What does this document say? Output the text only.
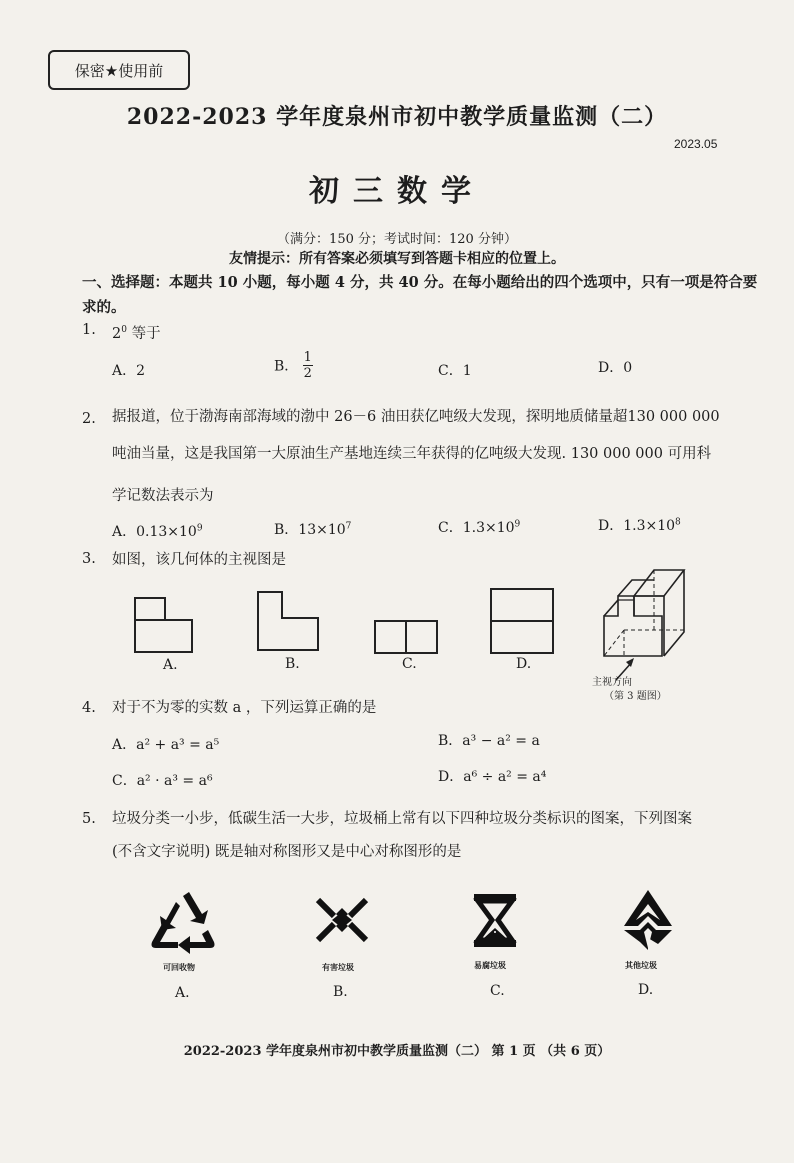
保密★使用前
2022-2023 学年度泉州市初中教学质量监测（二）
2023.05
初三数学
（满分：150 分；考试时间：120 分钟）
友情提示：所有答案必须填写到答题卡相应的位置上。
一、选择题：本题共 10 小题，每小题 4 分，共 40 分。在每小题给出的四个选项中，只有一项是符合要求的。
1. $2^0$ 等于
A．2	B． $\frac{1}{2}$	C．1	D．0
2. 据报道，位于渤海南部海域的渤中 26－6 油田获亿吨级大发现，探明地质储量超130 000 000
吨油当量，这是我国第一大原油生产基地连续三年获得的亿吨级大发现. 130 000 000 可用科
学记数法表示为
A．$0.13\times 10^9$	B．$13\times 10^7$	C．$1.3\times 10^9$	D．$1.3\times 10^8$
3. 如图，该几何体的主视图是
A.	B.	C.	D.
主视方向
（第 3 题图）
4. 对于不为零的实数 a ，下列运算正确的是
A．a² + a³ = a⁵	B．a³ − a² = a
C．a² · a³ = a⁶	D．a⁶ ÷ a² = a⁴
5. 垃圾分类一小步，低碳生活一大步，垃圾桶上常有以下四种垃圾分类标识的图案，下列图案
(不含文字说明) 既是轴对称图形又是中心对称图形的是
可回收物
A.
有害垃圾
B.
易腐垃圾
C.
其他垃圾
D.
2022-2023 学年度泉州市初中教学质量监测（二） 第 1 页 （共 6 页）
